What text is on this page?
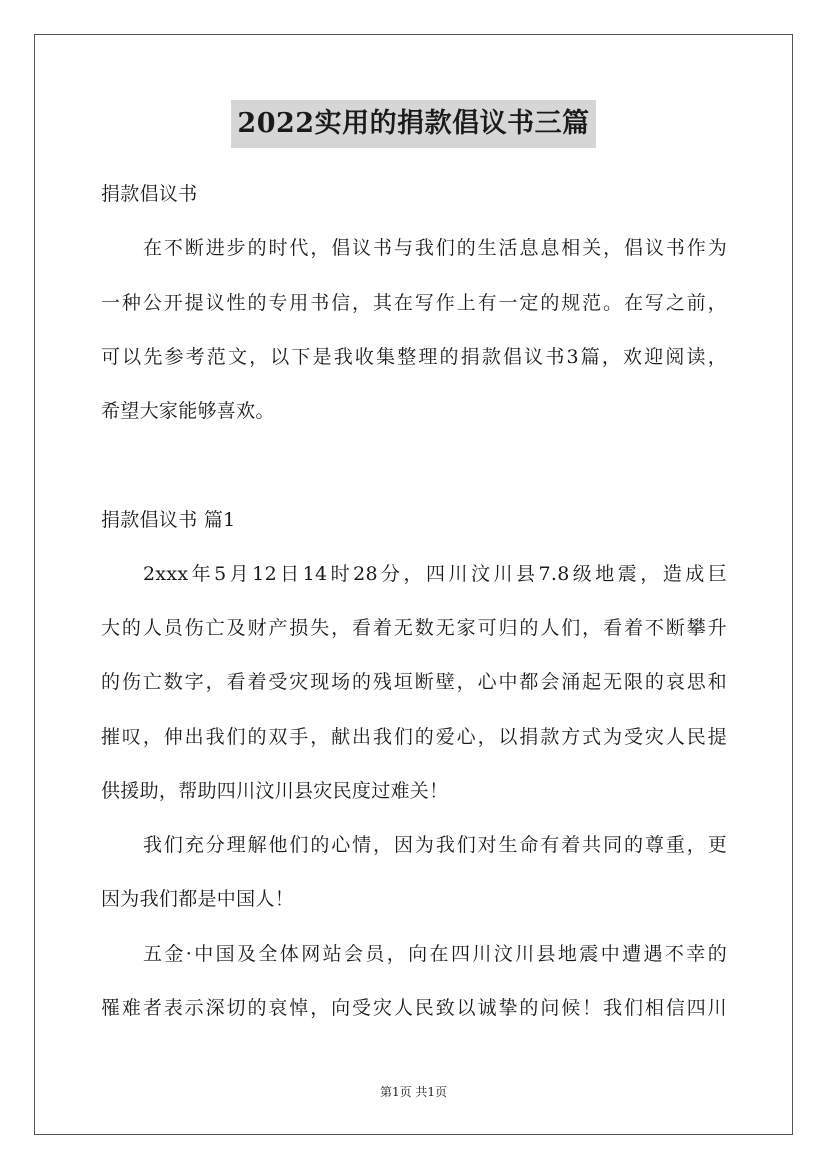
2022实用的捐款倡议书三篇
捐款倡议书
在不断进步的时代，倡议书与我们的生活息息相关，倡议书作为
一种公开提议性的专用书信，其在写作上有一定的规范。在写之前，
可以先参考范文，以下是我收集整理的捐款倡议书3篇，欢迎阅读，
希望大家能够喜欢。
捐款倡议书 篇1
2xxx年5月12日14时28分，四川汶川县7.8级地震，造成巨
大的人员伤亡及财产损失，看着无数无家可归的人们，看着不断攀升
的伤亡数字，看着受灾现场的残垣断壁，心中都会涌起无限的哀思和
摧叹，伸出我们的双手，献出我们的爱心，以捐款方式为受灾人民提
供援助，帮助四川汶川县灾民度过难关！
我们充分理解他们的心情，因为我们对生命有着共同的尊重，更
因为我们都是中国人！
五金·中国及全体网站会员，向在四川汶川县地震中遭遇不幸的
罹难者表示深切的哀悼，向受灾人民致以诚挚的问候！我们相信四川
第1页 共1页
